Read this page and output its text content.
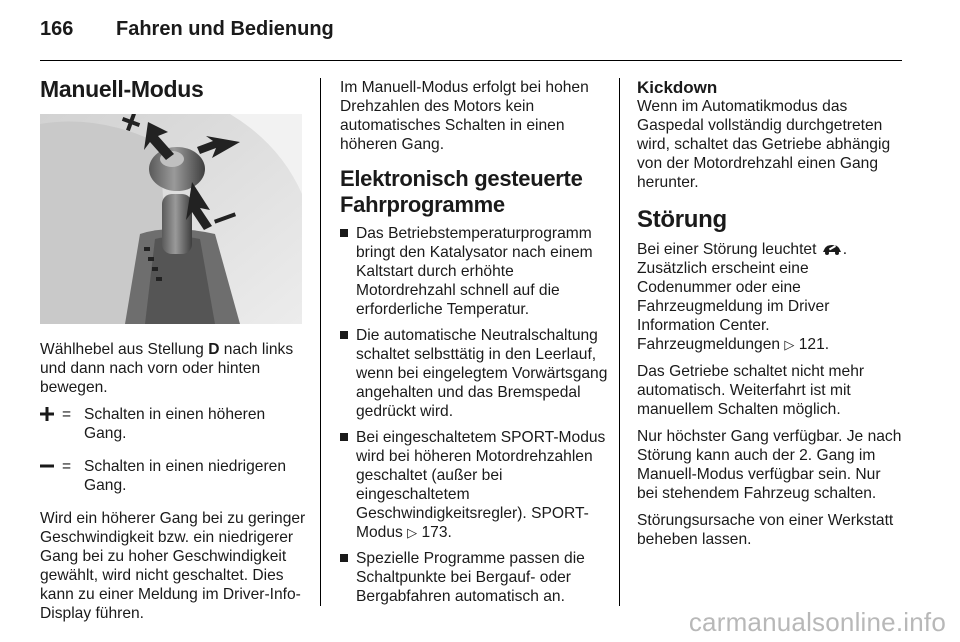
166 Fahren und Bedienung
Manuell-Modus

Wählhebel aus Stellung D nach links und dann nach vorn oder hinten bewegen.

= Schalten in einen höheren Gang.
= Schalten in einen niedrigeren Gang.

Wird ein höherer Gang bei zu geringer Geschwindigkeit bzw. ein niedrigerer Gang bei zu hoher Geschwindigkeit gewählt, wird nicht geschaltet. Dies kann zu einer Meldung im Driver-Info-Display führen.

Im Manuell-Modus erfolgt bei hohen Drehzahlen des Motors kein automatisches Schalten in einen höheren Gang.

Elektronisch gesteuerte Fahrprogramme
Das Betriebstemperaturprogramm bringt den Katalysator nach einem Kaltstart durch erhöhte Motordrehzahl schnell auf die erforderliche Temperatur.
Die automatische Neutralschaltung schaltet selbsttätig in den Leerlauf, wenn bei eingelegtem Vorwärtsgang angehalten und das Bremspedal gedrückt wird.
Bei eingeschaltetem SPORT-Modus wird bei höheren Motordrehzahlen geschaltet (außer bei eingeschaltetem Geschwindigkeitsregler). SPORT-Modus ▷ 173.
Spezielle Programme passen die Schaltpunkte bei Bergauf- oder Bergabfahren automatisch an.
Kickdown

Wenn im Automatikmodus das Gaspedal vollständig durchgetreten wird, schaltet das Getriebe abhängig von der Motordrehzahl einen Gang herunter.

Störung

Bei einer Störung leuchtet . Zusätzlich erscheint eine Codenummer oder eine Fahrzeugmeldung im Driver Information Center. Fahrzeugmeldungen ▷ 121.

Das Getriebe schaltet nicht mehr automatisch. Weiterfahrt ist mit manuellem Schalten möglich.

Nur höchster Gang verfügbar. Je nach Störung kann auch der 2. Gang im Manuell-Modus verfügbar sein. Nur bei stehendem Fahrzeug schalten.

Störungsursache von einer Werkstatt beheben lassen.

carmanualsonline.info
